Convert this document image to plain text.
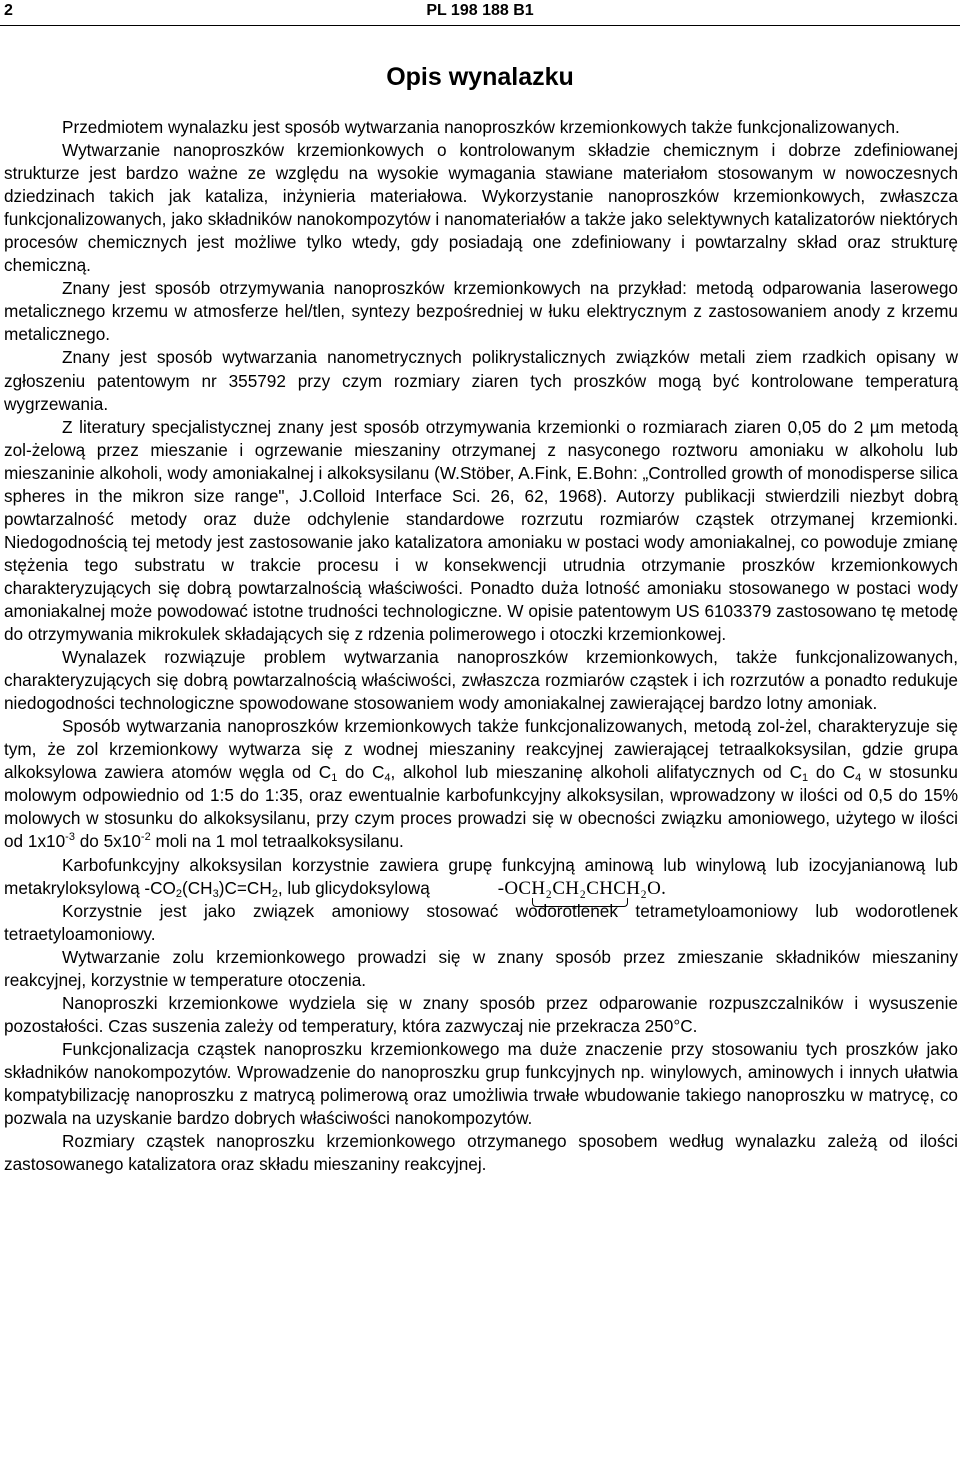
2	PL 198 188 B1
Opis wynalazku

Przedmiotem wynalazku jest sposób wytwarzania nanoproszków krzemionkowych także funkcjonalizowanych.

Wytwarzanie nanoproszków krzemionkowych o kontrolowanym składzie chemicznym i dobrze zdefiniowanej strukturze jest bardzo ważne ze względu na wysokie wymagania stawiane materiałom stosowanym w nowoczesnych dziedzinach takich jak kataliza, inżynieria materiałowa. Wykorzystanie nanoproszków krzemionkowych, zwłaszcza funkcjonalizowanych, jako składników nanokompozytów i nanomateriałów a także jako selektywnych katalizatorów niektórych procesów chemicznych jest możliwe tylko wtedy, gdy posiadają one zdefiniowany i powtarzalny skład oraz strukturę chemiczną.

Znany jest sposób otrzymywania nanoproszków krzemionkowych na przykład: metodą odparowania laserowego metalicznego krzemu w atmosferze hel/tlen, syntezy bezpośredniej w łuku elektrycznym z zastosowaniem anody z krzemu metalicznego.

Znany jest sposób wytwarzania nanometrycznych polikrystalicznych związków metali ziem rzadkich opisany w zgłoszeniu patentowym nr 355792 przy czym rozmiary ziaren tych proszków mogą być kontrolowane temperaturą wygrzewania.

Z literatury specjalistycznej znany jest sposób otrzymywania krzemionki o rozmiarach ziaren 0,05 do 2 µm metodą zol-żelową przez mieszanie i ogrzewanie mieszaniny otrzymanej z nasyconego roztworu amoniaku w alkoholu lub mieszaninie alkoholi, wody amoniakalnej i alkoksysilanu (W.Stöber, A.Fink, E.Bohn: „Controlled growth of monodisperse silica spheres in the mikron size range", J.Colloid Interface Sci. 26, 62, 1968). Autorzy publikacji stwierdzili niezbyt dobrą powtarzalność metody oraz duże odchylenie standardowe rozrzutu rozmiarów cząstek otrzymanej krzemionki. Niedogodnością tej metody jest zastosowanie jako katalizatora amoniaku w postaci wody amoniakalnej, co powoduje zmianę stężenia tego substratu w trakcie procesu i w konsekwencji utrudnia otrzymanie proszków krzemionkowych charakteryzujących się dobrą powtarzalnością właściwości. Ponadto duża lotność amoniaku stosowanego w postaci wody amoniakalnej może powodować istotne trudności technologiczne. W opisie patentowym US 6103379 zastosowano tę metodę do otrzymywania mikrokulek składających się z rdzenia polimerowego i otoczki krzemionkowej.

Wynalazek rozwiązuje problem wytwarzania nanoproszków krzemionkowych, także funkcjonalizowanych, charakteryzujących się dobrą powtarzalnością właściwości, zwłaszcza rozmiarów cząstek i ich rozrzutów a ponadto redukuje niedogodności technologiczne spowodowane stosowaniem wody amoniakalnej zawierającej bardzo lotny amoniak.

Sposób wytwarzania nanoproszków krzemionkowych także funkcjonalizowanych, metodą zol-żel, charakteryzuje się tym, że zol krzemionkowy wytwarza się z wodnej mieszaniny reakcyjnej zawierającej tetraalkoksysilan, gdzie grupa alkoksylowa zawiera atomów węgla od $C_1$ do $C_4$, alkohol lub mieszaninę alkoholi alifatycznych od $C_1$ do $C_4$ w stosunku molowym odpowiednio od 1:5 do 1:35, oraz ewentualnie karbofunkcyjny alkoksysilan, wprowadzony w ilości od 0,5 do 15% molowych w stosunku do alkoksysilanu, przy czym proces prowadzi się w obecności związku amoniowego, użytego w ilości od $1x10^{-3}$ do $5x10^{-2}$ moli na 1 mol tetraalkoksysilanu.

Karbofunkcyjny alkoksysilan korzystnie zawiera grupę funkcyjną aminową lub winylową lub izocyjanianową lub metakryloksylową $-CO_2(CH_3)C=CH_2$, lub glicydoksylową	-OCH₂CH₂CHCH₂O.

Korzystnie jest jako związek amoniowy stosować wodorotlenek tetrametyloamoniowy lub wodorotlenek tetraetyloamoniowy.

Wytwarzanie zolu krzemionkowego prowadzi się w znany sposób przez zmieszanie składników mieszaniny reakcyjnej, korzystnie w temperature otoczenia.

Nanoproszki krzemionkowe wydziela się w znany sposób przez odparowanie rozpuszczalników i wysuszenie pozostałości. Czas suszenia zależy od temperatury, która zazwyczaj nie przekracza 250°C.

Funkcjonalizacja cząstek nanoproszku krzemionkowego ma duże znaczenie przy stosowaniu tych proszków jako składników nanokompozytów. Wprowadzenie do nanoproszku grup funkcyjnych np. winylowych, aminowych i innych ułatwia kompatybilizację nanoproszku z matrycą polimerową oraz umożliwia trwałe wbudowanie takiego nanoproszku w matrycę, co pozwala na uzyskanie bardzo dobrych właściwości nanokompozytów.

Rozmiary cząstek nanoproszku krzemionkowego otrzymanego sposobem według wynalazku zależą od ilości zastosowanego katalizatora oraz składu mieszaniny reakcyjnej.
